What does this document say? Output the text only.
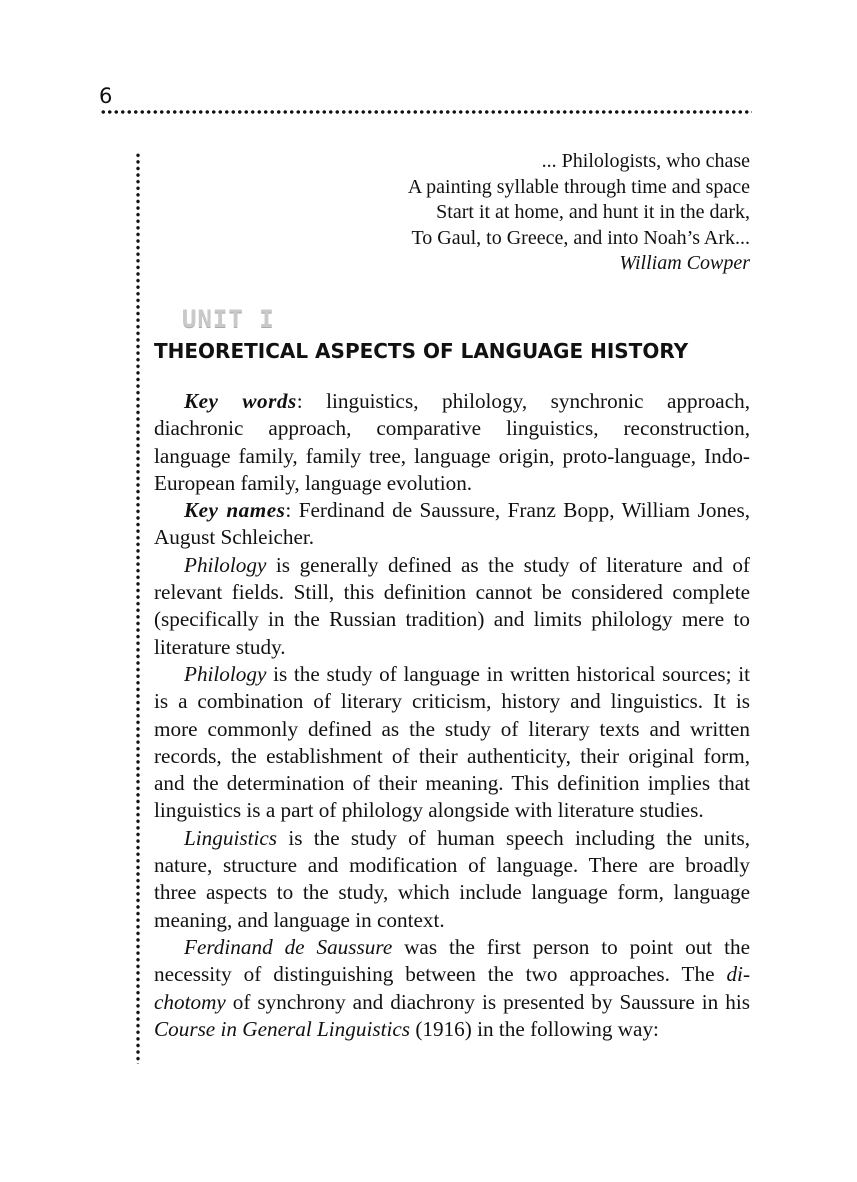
6
... Philologists, who chase
A painting syllable through time and space
Start it at home, and hunt it in the dark,
To Gaul, to Greece, and into Noah’s Ark...
William Cowper
UNIT I
THEORETICAL ASPECTS OF LANGUAGE HISTORY

Key words: linguistics, philology, synchronic approach, diachronic approach, comparative linguistics, reconstruction, language family, family tree, language origin, proto-language, Indo-European family, language evolution.

Key names: Ferdinand de Saussure, Franz Bopp, William Jones, August Schleicher.

Philology is generally defined as the study of literature and of relevant fields. Still, this definition cannot be considered complete (specifically in the Russian tradition) and limits philology mere to literature study.

Philology is the study of language in written historical sources; it is a combination of literary criticism, history and linguistics. It is more commonly defined as the study of literary texts and written records, the establishment of their authenticity, their original form, and the determination of their meaning. This definition implies that linguistics is a part of philology alongside with literature studies.

Linguistics is the study of human speech including the units, nature, structure and modification of language. There are broadly three aspects to the study, which include language form, language meaning, and language in context.

Ferdinand de Saussure was the first person to point out the necessity of distinguishing between the two approaches. The dichotomy of synchrony and diachrony is presented by Saussure in his Course in General Linguistics (1916) in the following way:
